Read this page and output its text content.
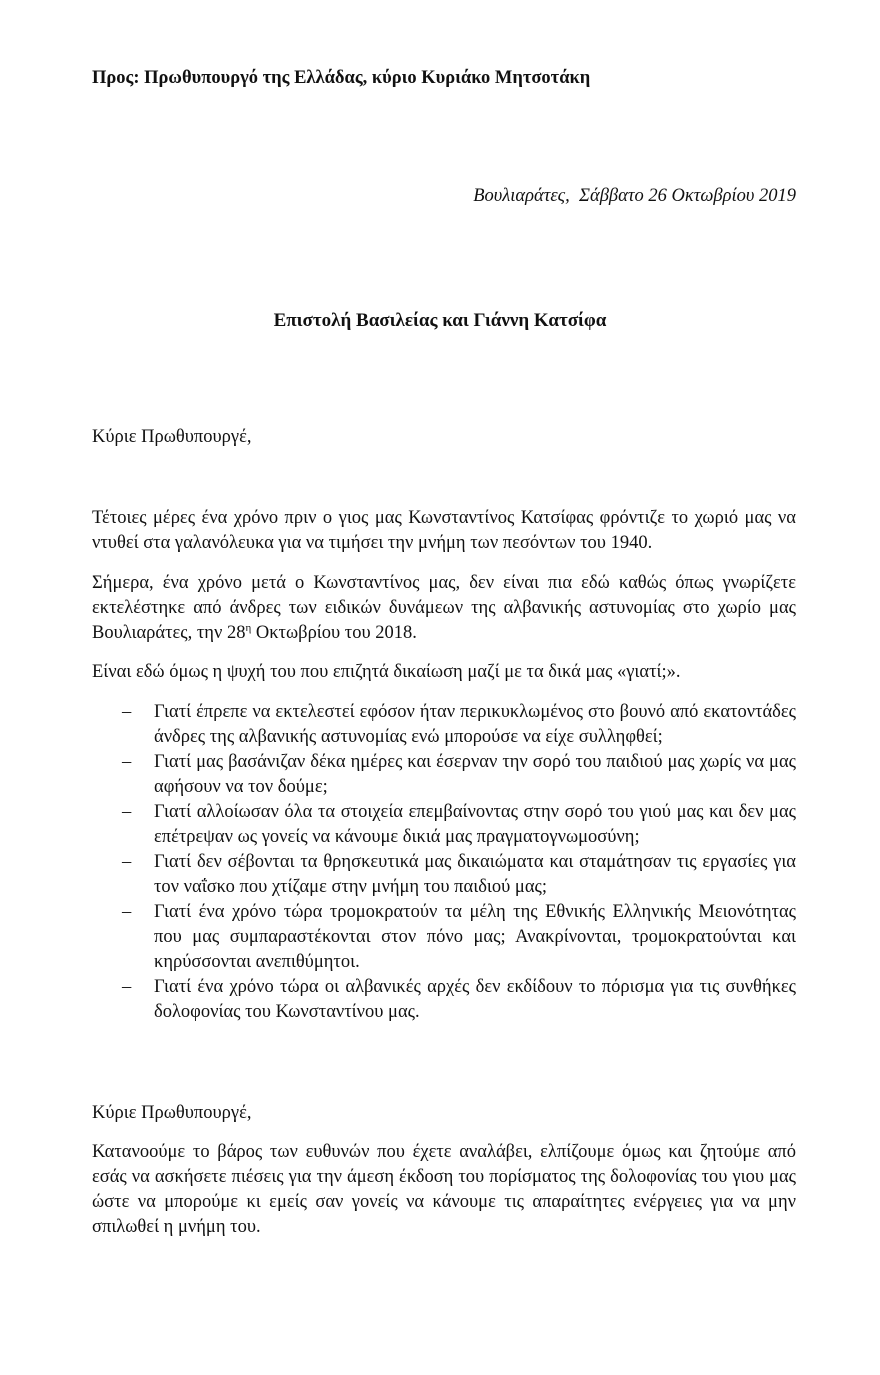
Προς: Πρωθυπουργό της Ελλάδας, κύριο Κυριάκο Μητσοτάκη
Βουλιαράτες,  Σάββατο 26 Οκτωβρίου 2019
Επιστολή Βασιλείας και Γιάννη Κατσίφα
Κύριε Πρωθυπουργέ,
Τέτοιες μέρες ένα χρόνο πριν ο γιος μας Κωνσταντίνος Κατσίφας φρόντιζε το χωριό μας να ντυθεί στα γαλανόλευκα για να τιμήσει την μνήμη των πεσόντων του 1940.
Σήμερα, ένα χρόνο μετά ο Κωνσταντίνος μας, δεν είναι πια εδώ καθώς όπως γνωρίζετε εκτελέστηκε από άνδρες των ειδικών δυνάμεων της αλβανικής αστυνομίας στο χωρίο μας Βουλιαράτες, την $28^\eta$ Οκτωβρίου του 2018.
Είναι εδώ όμως η ψυχή του που επιζητά δικαίωση μαζί με τα δικά μας «γιατί;».
– Γιατί έπρεπε να εκτελεστεί εφόσον ήταν περικυκλωμένος στο βουνό από εκατοντάδες άνδρες της αλβανικής αστυνομίας ενώ μπορούσε να είχε συλληφθεί;
– Γιατί μας βασάνιζαν δέκα ημέρες και έσερναν την σορό του παιδιού μας χωρίς να μας αφήσουν να τον δούμε;
– Γιατί αλλοίωσαν όλα τα στοιχεία επεμβαίνοντας στην σορό του γιού μας και δεν μας επέτρεψαν ως γονείς να κάνουμε δικιά μας πραγματογνωμοσύνη;
– Γιατί δεν σέβονται τα θρησκευτικά μας δικαιώματα και σταμάτησαν τις εργασίες για τον ναΐσκο που χτίζαμε στην μνήμη του παιδιού μας;
– Γιατί ένα χρόνο τώρα τρομοκρατούν τα μέλη της Εθνικής Ελληνικής Μειονότητας που μας συμπαραστέκονται στον πόνο μας; Ανακρίνονται, τρομοκρατούνται και κηρύσσονται ανεπιθύμητοι.
– Γιατί ένα χρόνο τώρα οι αλβανικές αρχές δεν εκδίδουν το πόρισμα για τις συνθήκες δολοφονίας του Κωνσταντίνου μας.
Κύριε Πρωθυπουργέ,
Κατανοούμε το βάρος των ευθυνών που έχετε αναλάβει, ελπίζουμε όμως και ζητούμε από εσάς να ασκήσετε πιέσεις για την άμεση έκδοση του πορίσματος της δολοφονίας του γιου μας ώστε να μπορούμε κι εμείς σαν γονείς να κάνουμε τις απαραίτητες ενέργειες για να μην σπιλωθεί η μνήμη του.
